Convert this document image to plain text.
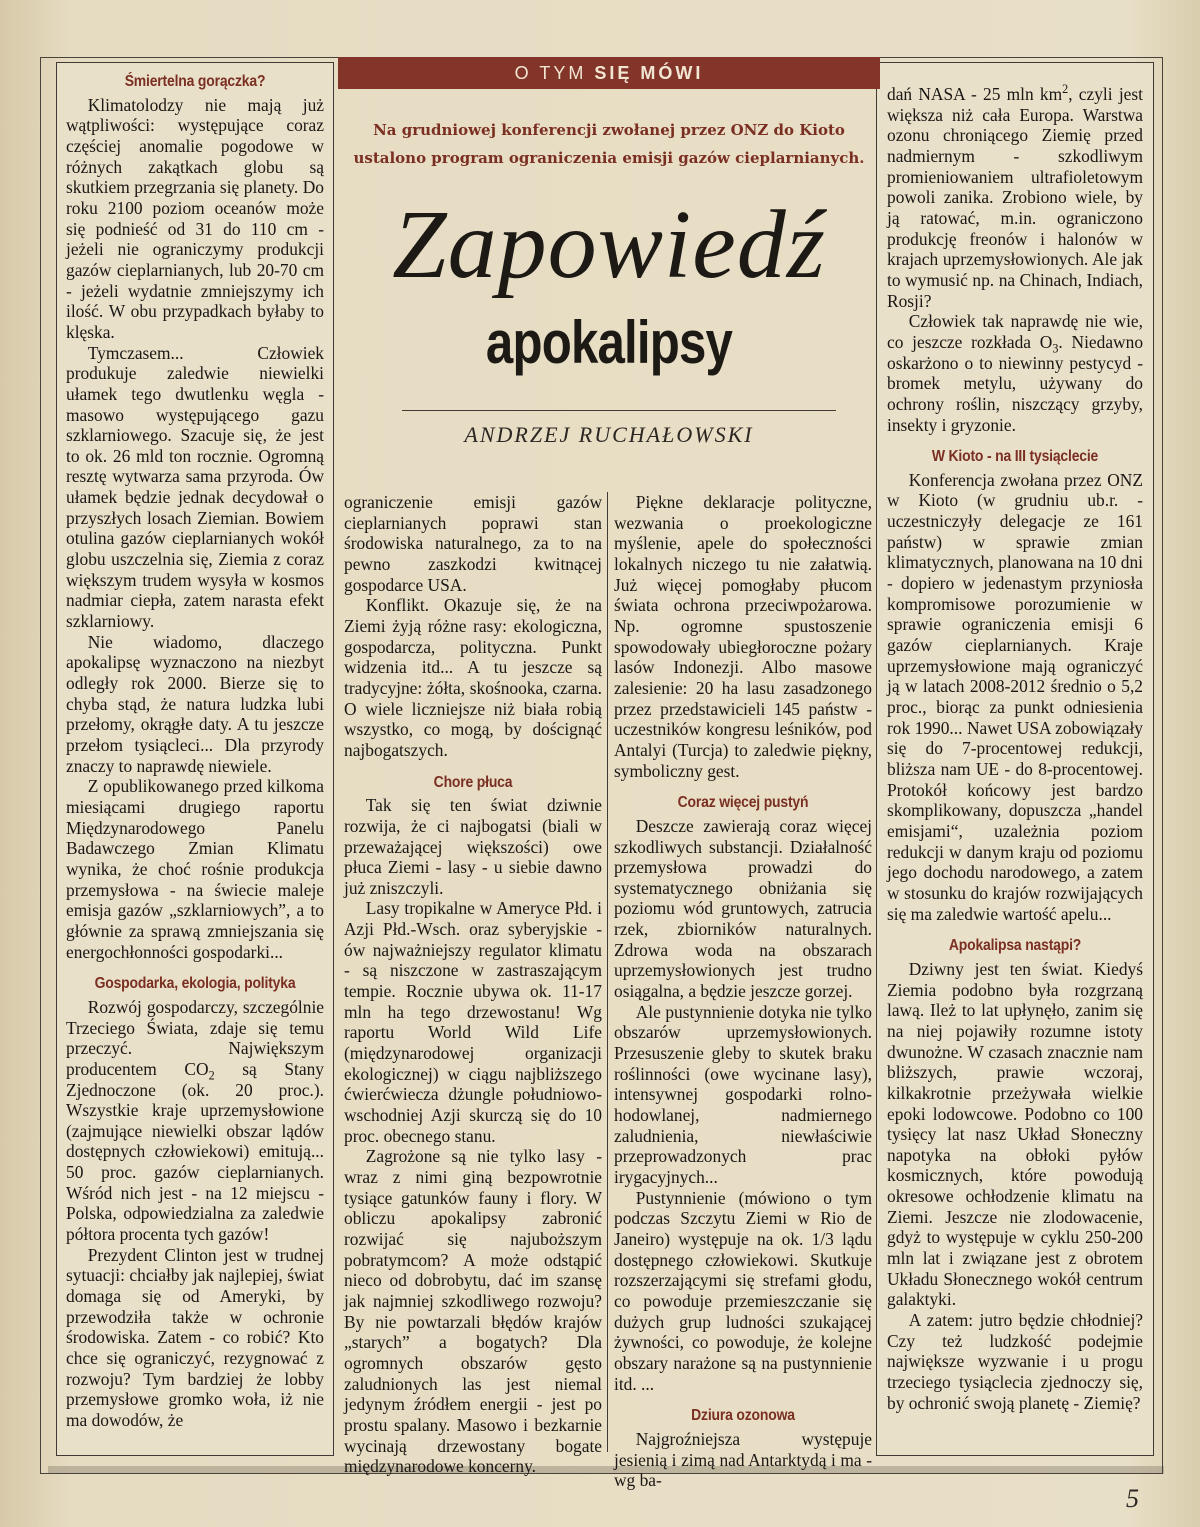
O TYM SIĘ MÓWI
Na grudniowej konferencji zwołanej przez ONZ do Kioto ustalono program ograniczenia emisji gazów cieplarnianych.
Zapowiedź
apokalipsy
ANDRZEJ RUCHAŁOWSKI
Śmiertelna gorączka?

Klimatolodzy nie mają już wątpliwości: występujące coraz częściej anomalie pogodowe w różnych zakątkach globu są skutkiem przegrzania się planety. Do roku 2100 poziom oceanów może się podnieść od 31 do 110 cm - jeżeli nie ograniczymy produkcji gazów cieplarnianych, lub 20-70 cm - jeżeli wydatnie zmniejszymy ich ilość. W obu przypadkach byłaby to klęska.

Tymczasem... Człowiek produkuje zaledwie niewielki ułamek tego dwutlenku węgla - masowo występującego gazu szklarniowego. Szacuje się, że jest to ok. 26 mld ton rocznie. Ogromną resztę wytwarza sama przyroda. Ów ułamek będzie jednak decydował o przyszłych losach Ziemian. Bowiem otulina gazów cieplarnianych wokół globu uszczelnia się, Ziemia z coraz większym trudem wysyła w kosmos nadmiar ciepła, zatem narasta efekt szklarniowy.

Nie wiadomo, dlaczego apokalipsę wyznaczono na niezbyt odległy rok 2000. Bierze się to chyba stąd, że natura ludzka lubi przełomy, okrągłe daty. A tu jeszcze przełom tysiącleci... Dla przyrody znaczy to naprawdę niewiele.

Z opublikowanego przed kilkoma miesiącami drugiego raportu Międzynarodowego Panelu Badawczego Zmian Klimatu wynika, że choć rośnie produkcja przemysłowa - na świecie maleje emisja gazów „szklarniowych”, a to głównie za sprawą zmniejszania się energochłonności gospodarki...

Gospodarka, ekologia, polityka

Rozwój gospodarczy, szczególnie Trzeciego Świata, zdaje się temu przeczyć. Największym producentem $CO_2$ są Stany Zjednoczone (ok. 20 proc.). Wszystkie kraje uprzemysłowione (zajmujące niewielki obszar lądów dostępnych człowiekowi) emitują... 50 proc. gazów cieplarnianych. Wśród nich jest - na 12 miejscu - Polska, odpowiedzialna za zaledwie półtora procenta tych gazów!

Prezydent Clinton jest w trudnej sytuacji: chciałby jak najlepiej, świat domaga się od Ameryki, by przewodziła także w ochronie środowiska. Zatem - co robić? Kto chce się ograniczyć, rezygnować z rozwoju? Tym bardziej że lobby przemysłowe gromko woła, iż nie ma dowodów, że

ograniczenie emisji gazów cieplarnianych poprawi stan środowiska naturalnego, za to na pewno zaszkodzi kwitnącej gospodarce USA.

Konflikt. Okazuje się, że na Ziemi żyją różne rasy: ekologiczna, gospodarcza, polityczna. Punkt widzenia itd... A tu jeszcze są tradycyjne: żółta, skośnooka, czarna. O wiele liczniejsze niż biała robią wszystko, co mogą, by doścignąć najbogatszych.

Chore płuca

Tak się ten świat dziwnie rozwija, że ci najbogatsi (biali w przeważającej większości) owe płuca Ziemi - lasy - u siebie dawno już zniszczyli.

Lasy tropikalne w Ameryce Płd. i Azji Płd.-Wsch. oraz syberyjskie - ów najważniejszy regulator klimatu - są niszczone w zastraszającym tempie. Rocznie ubywa ok. 11-17 mln ha tego drzewostanu! Wg raportu World Wild Life (międzynarodowej organizacji ekologicznej) w ciągu najbliższego ćwierćwiecza dżungle południowo-wschodniej Azji skurczą się do 10 proc. obecnego stanu.

Zagrożone są nie tylko lasy - wraz z nimi giną bezpowrotnie tysiące gatunków fauny i flory. W obliczu apokalipsy zabronić rozwijać się najuboższym pobratymcom? A może odstąpić nieco od dobrobytu, dać im szansę jak najmniej szkodliwego rozwoju? By nie powtarzali błędów krajów „starych” a bogatych? Dla ogromnych obszarów gęsto zaludnionych las jest niemal jedynym źródłem energii - jest po prostu spalany. Masowo i bezkarnie wycinają drzewostany bogate międzynarodowe koncerny.

Piękne deklaracje polityczne, wezwania o proekologiczne myślenie, apele do społeczności lokalnych niczego tu nie załatwią. Już więcej pomogłaby płucom świata ochrona przeciwpożarowa. Np. ogromne spustoszenie spowodowały ubiegłoroczne pożary lasów Indonezji. Albo masowe zalesienie: 20 ha lasu zasadzonego przez przedstawicieli 145 państw - uczestników kongresu leśników, pod Antalyi (Turcja) to zaledwie piękny, symboliczny gest.

Coraz więcej pustyń

Deszcze zawierają coraz więcej szkodliwych substancji. Działalność przemysłowa prowadzi do systematycznego obniżania się poziomu wód gruntowych, zatrucia rzek, zbiorników naturalnych. Zdrowa woda na obszarach uprzemysłowionych jest trudno osiągalna, a będzie jeszcze gorzej.

Ale pustynnienie dotyka nie tylko obszarów uprzemysłowionych. Przesuszenie gleby to skutek braku roślinności (owe wycinane lasy), intensywnej gospodarki rolno-hodowlanej, nadmiernego zaludnienia, niewłaściwie przeprowadzonych prac irygacyjnych...

Pustynnienie (mówiono o tym podczas Szczytu Ziemi w Rio de Janeiro) występuje na ok. 1/3 lądu dostępnego człowiekowi. Skutkuje rozszerzającymi się strefami głodu, co powoduje przemieszczanie się dużych grup ludności szukającej żywności, co powoduje, że kolejne obszary narażone są na pustynnienie itd. ...

Dziura ozonowa

Najgroźniejsza występuje jesienią i zimą nad Antarktydą i ma - wg ba-

dań NASA - 25 mln $km^2$, czyli jest większa niż cała Europa. Warstwa ozonu chroniącego Ziemię przed nadmiernym - szkodliwym promieniowaniem ultrafioletowym powoli zanika. Zrobiono wiele, by ją ratować, m.in. ograniczono produkcję freonów i halonów w krajach uprzemysłowionych. Ale jak to wymusić np. na Chinach, Indiach, Rosji?

Człowiek tak naprawdę nie wie, co jeszcze rozkłada $O_3$. Niedawno oskarżono o to niewinny pestycyd - bromek metylu, używany do ochrony roślin, niszczący grzyby, insekty i gryzonie.

W Kioto - na III tysiąclecie

Konferencja zwołana przez ONZ w Kioto (w grudniu ub.r. - uczestniczyły delegacje ze 161 państw) w sprawie zmian klimatycznych, planowana na 10 dni - dopiero w jedenastym przyniosła kompromisowe porozumienie w sprawie ograniczenia emisji 6 gazów cieplarnianych. Kraje uprzemysłowione mają ograniczyć ją w latach 2008-2012 średnio o 5,2 proc., biorąc za punkt odniesienia rok 1990... Nawet USA zobowiązały się do 7-procentowej redukcji, bliższa nam UE - do 8-procentowej. Protokół końcowy jest bardzo skomplikowany, dopuszcza „handel emisjami“, uzależnia poziom redukcji w danym kraju od poziomu jego dochodu narodowego, a zatem w stosunku do krajów rozwijających się ma zaledwie wartość apelu...

Apokalipsa nastąpi?

Dziwny jest ten świat. Kiedyś Ziemia podobno była rozgrzaną lawą. Ileż to lat upłynęło, zanim się na niej pojawiły rozumne istoty dwunożne. W czasach znacznie nam bliższych, prawie wczoraj, kilkakrotnie przeżywała wielkie epoki lodowcowe. Podobno co 100 tysięcy lat nasz Układ Słoneczny napotyka na obłoki pyłów kosmicznych, które powodują okresowe ochłodzenie klimatu na Ziemi. Jeszcze nie zlodowacenie, gdyż to występuje w cyklu 250-200 mln lat i związane jest z obrotem Układu Słonecznego wokół centrum galaktyki.

A zatem: jutro będzie chłodniej? Czy też ludzkość podejmie największe wyzwanie i u progu trzeciego tysiąclecia zjednoczy się, by ochronić swoją planetę - Ziemię?

5
